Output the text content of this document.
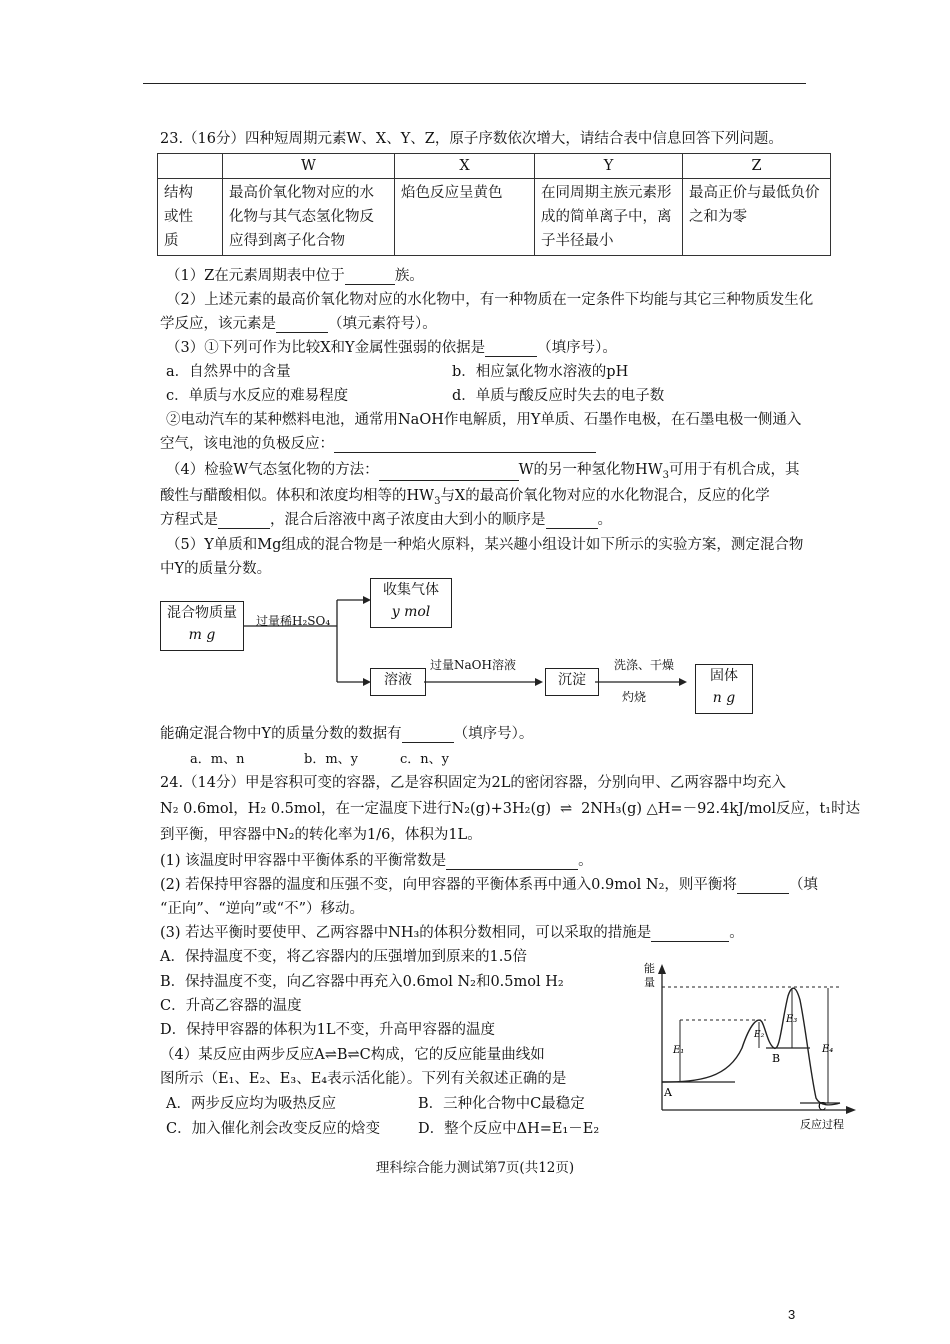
23.（16分）四种短周期元素W、X、Y、Z，原子序数依次增大，请结合表中信息回答下列问题。
	W	X	Y	Z
结构或性质	最高价氧化物对应的水化物与其气态氢化物反应得到离子化合物	焰色反应呈黄色	在同周期主族元素形成的简单离子中，离子半径最小	最高正价与最低负价之和为零
（1）Z在元素周期表中位于	族。
（2）上述元素的最高价氧化物对应的水化物中，有一种物质在一定条件下均能与其它三种物质发生化
学反应，该元素是	（填元素符号）。
（3）①下列可作为比较X和Y金属性强弱的依据是	（填序号）。
a．自然界中的含量	b．相应氯化物水溶液的pH
c．单质与水反应的难易程度	d．单质与酸反应时失去的电子数
②电动汽车的某种燃料电池，通常用NaOH作电解质，用Y单质、石墨作电极，在石墨电极一侧通入
空气，该电池的负极反应：
（4）检验W气态氢化物的方法：	W的另一种氢化物$HW_3$可用于有机合成，其
酸性与醋酸相似。体积和浓度均相等的$HW_3$与X的最高价氧化物对应的水化物混合，反应的化学
方程式是	，混合后溶液中离子浓度由大到小的顺序是	。
（5）Y单质和Mg组成的混合物是一种焰火原料，某兴趣小组设计如下所示的实验方案，测定混合物
中Y的质量分数。
混合物质量
m g
过量稀H₂SO₄
收集气体
y mol
溶液
过量NaOH溶液
沉淀
洗涤、干燥
灼烧
固体
n g
能确定混合物中Y的质量分数的数据有	（填序号）。
a．m、n	b．m、y	c．n、y
24.（14分）甲是容积可变的容器，乙是容积固定为2L的密闭容器，分别向甲、乙两容器中均充入
N₂ 0.6mol，H₂ 0.5mol，在一定温度下进行N₂(g)+3H₂(g) ⇌ 2NH₃(g) △H=－92.4kJ/mol反应，t₁时达
到平衡，甲容器中N₂的转化率为1/6，体积为1L。
(1) 该温度时甲容器中平衡体系的平衡常数是	。
(2) 若保持甲容器的温度和压强不变，向甲容器的平衡体系再中通入0.9mol N₂，则平衡将	（填
“正向”、“逆向”或“不”）移动。
(3) 若达平衡时要使甲、乙两容器中NH₃的体积分数相同，可以采取的措施是	。
A．保持温度不变，将乙容器内的压强增加到原来的1.5倍
B．保持温度不变，向乙容器中再充入0.6mol N₂和0.5mol H₂
C．升高乙容器的温度
D．保持甲容器的体积为1L不变，升高甲容器的温度
（4）某反应由两步反应A⇌B⇌C构成，它的反应能量曲线如
图所示（E₁、E₂、E₃、E₄表示活化能）。下列有关叙述正确的是
A．两步反应均为吸热反应	B．三种化合物中C最稳定
C．加入催化剂会改变反应的焓变	D．整个反应中ΔH=E₁－E₂
能
量
反应过程
A
B
C
E₁
E₂
E₃
E₄
理科综合能力测试第7页(共12页)
3
